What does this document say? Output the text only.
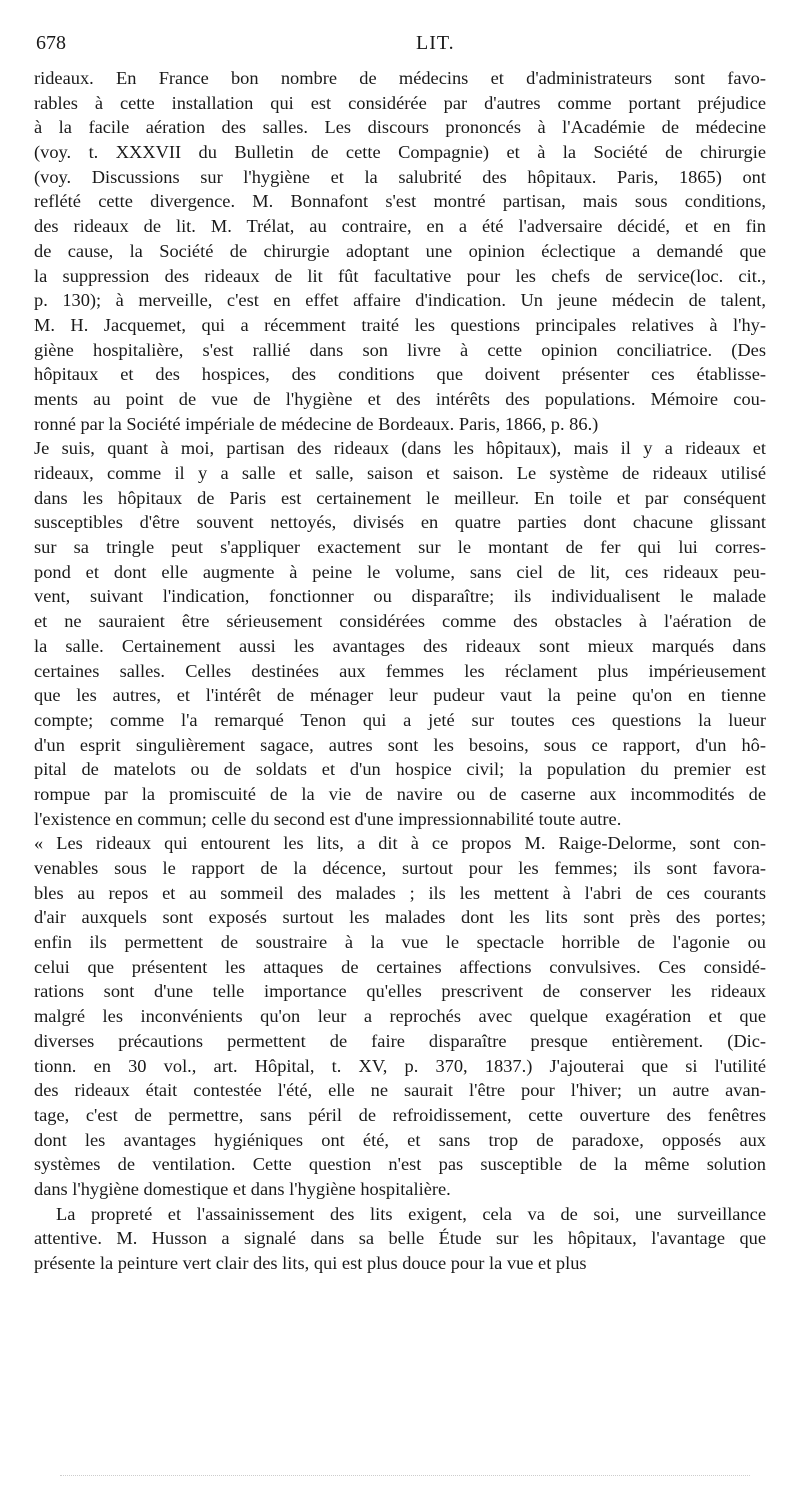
678	LIT.
rideaux. En France bon nombre de médecins et d'administrateurs sont favo-
rables à cette installation qui est considérée par d'autres comme portant préjudice
à la facile aération des salles. Les discours prononcés à l'Académie de médecine
(voy. t. XXXVII du Bulletin de cette Compagnie) et à la Société de chirurgie
(voy. Discussions sur l'hygiène et la salubrité des hôpitaux. Paris, 1865) ont
reflété cette divergence. M. Bonnafont s'est montré partisan, mais sous conditions,
des rideaux de lit. M. Trélat, au contraire, en a été l'adversaire décidé, et en fin
de cause, la Société de chirurgie adoptant une opinion éclectique a demandé que
la suppression des rideaux de lit fût facultative pour les chefs de service(loc. cit.,
p. 130); à merveille, c'est en effet affaire d'indication. Un jeune médecin de talent,
M. H. Jacquemet, qui a récemment traité les questions principales relatives à l'hy-
giène hospitalière, s'est rallié dans son livre à cette opinion conciliatrice. (Des
hôpitaux et des hospices, des conditions que doivent présenter ces établisse-
ments au point de vue de l'hygiène et des intérêts des populations. Mémoire cou-
ronné par la Société impériale de médecine de Bordeaux. Paris, 1866, p. 86.)
Je suis, quant à moi, partisan des rideaux (dans les hôpitaux), mais il y a rideaux et
rideaux, comme il y a salle et salle, saison et saison. Le système de rideaux utilisé
dans les hôpitaux de Paris est certainement le meilleur. En toile et par conséquent
susceptibles d'être souvent nettoyés, divisés en quatre parties dont chacune glissant
sur sa tringle peut s'appliquer exactement sur le montant de fer qui lui corres-
pond et dont elle augmente à peine le volume, sans ciel de lit, ces rideaux peu-
vent, suivant l'indication, fonctionner ou disparaître; ils individualisent le malade
et ne sauraient être sérieusement considérées comme des obstacles à l'aération de
la salle. Certainement aussi les avantages des rideaux sont mieux marqués dans
certaines salles. Celles destinées aux femmes les réclament plus impérieusement
que les autres, et l'intérêt de ménager leur pudeur vaut la peine qu'on en tienne
compte; comme l'a remarqué Tenon qui a jeté sur toutes ces questions la lueur
d'un esprit singulièrement sagace, autres sont les besoins, sous ce rapport, d'un hô-
pital de matelots ou de soldats et d'un hospice civil; la population du premier est
rompue par la promiscuité de la vie de navire ou de caserne aux incommodités de
l'existence en commun; celle du second est d'une impressionnabilité toute autre.
« Les rideaux qui entourent les lits, a dit à ce propos M. Raige-Delorme, sont con-
venables sous le rapport de la décence, surtout pour les femmes; ils sont favora-
bles au repos et au sommeil des malades ; ils les mettent à l'abri de ces courants
d'air auxquels sont exposés surtout les malades dont les lits sont près des portes;
enfin ils permettent de soustraire à la vue le spectacle horrible de l'agonie ou
celui que présentent les attaques de certaines affections convulsives. Ces considé-
rations sont d'une telle importance qu'elles prescrivent de conserver les rideaux
malgré les inconvénients qu'on leur a reprochés avec quelque exagération et que
diverses précautions permettent de faire disparaître presque entièrement. (Dic-
tionn. en 30 vol., art. Hôpital, t. XV, p. 370, 1837.) J'ajouterai que si l'utilité
des rideaux était contestée l'été, elle ne saurait l'être pour l'hiver; un autre avan-
tage, c'est de permettre, sans péril de refroidissement, cette ouverture des fenêtres
dont les avantages hygiéniques ont été, et sans trop de paradoxe, opposés aux
systèmes de ventilation. Cette question n'est pas susceptible de la même solution
dans l'hygiène domestique et dans l'hygiène hospitalière.
La propreté et l'assainissement des lits exigent, cela va de soi, une surveillance
attentive. M. Husson a signalé dans sa belle Étude sur les hôpitaux, l'avantage que
présente la peinture vert clair des lits, qui est plus douce pour la vue et plus
